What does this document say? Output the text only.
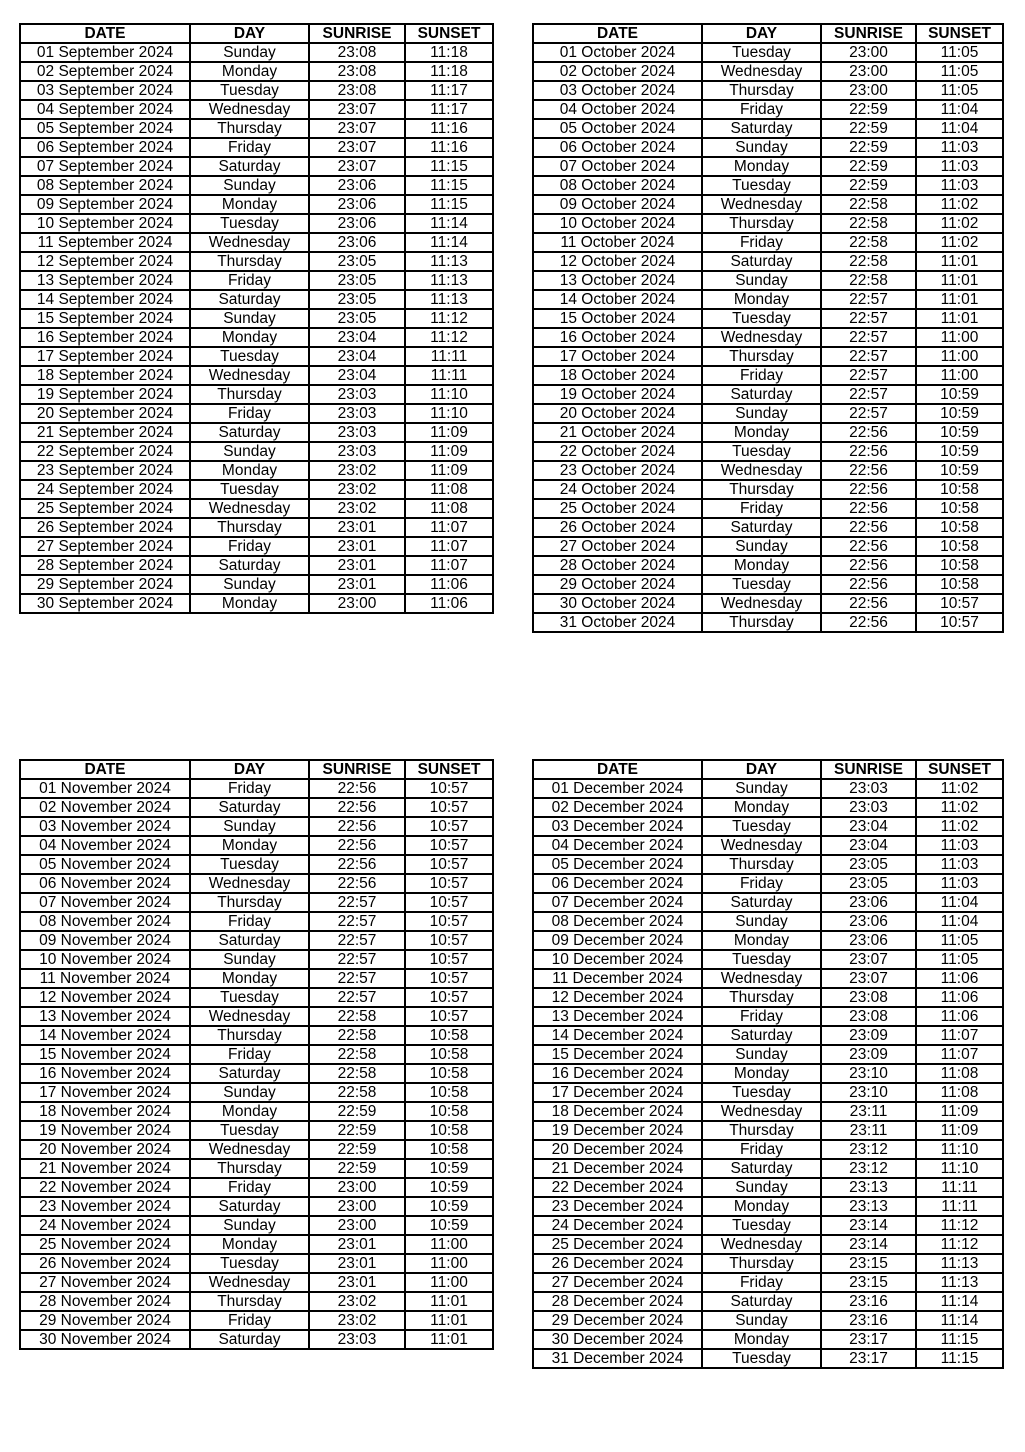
DATE	DAY	SUNRISE	SUNSET
01 September 2024	Sunday	23:08	11:18
02 September 2024	Monday	23:08	11:18
03 September 2024	Tuesday	23:08	11:17
04 September 2024	Wednesday	23:07	11:17
05 September 2024	Thursday	23:07	11:16
06 September 2024	Friday	23:07	11:16
07 September 2024	Saturday	23:07	11:15
08 September 2024	Sunday	23:06	11:15
09 September 2024	Monday	23:06	11:15
10 September 2024	Tuesday	23:06	11:14
11 September 2024	Wednesday	23:06	11:14
12 September 2024	Thursday	23:05	11:13
13 September 2024	Friday	23:05	11:13
14 September 2024	Saturday	23:05	11:13
15 September 2024	Sunday	23:05	11:12
16 September 2024	Monday	23:04	11:12
17 September 2024	Tuesday	23:04	11:11
18 September 2024	Wednesday	23:04	11:11
19 September 2024	Thursday	23:03	11:10
20 September 2024	Friday	23:03	11:10
21 September 2024	Saturday	23:03	11:09
22 September 2024	Sunday	23:03	11:09
23 September 2024	Monday	23:02	11:09
24 September 2024	Tuesday	23:02	11:08
25 September 2024	Wednesday	23:02	11:08
26 September 2024	Thursday	23:01	11:07
27 September 2024	Friday	23:01	11:07
28 September 2024	Saturday	23:01	11:07
29 September 2024	Sunday	23:01	11:06
30 September 2024	Monday	23:00	11:06
DATE	DAY	SUNRISE	SUNSET
01 October 2024	Tuesday	23:00	11:05
02 October 2024	Wednesday	23:00	11:05
03 October 2024	Thursday	23:00	11:05
04 October 2024	Friday	22:59	11:04
05 October 2024	Saturday	22:59	11:04
06 October 2024	Sunday	22:59	11:03
07 October 2024	Monday	22:59	11:03
08 October 2024	Tuesday	22:59	11:03
09 October 2024	Wednesday	22:58	11:02
10 October 2024	Thursday	22:58	11:02
11 October 2024	Friday	22:58	11:02
12 October 2024	Saturday	22:58	11:01
13 October 2024	Sunday	22:58	11:01
14 October 2024	Monday	22:57	11:01
15 October 2024	Tuesday	22:57	11:01
16 October 2024	Wednesday	22:57	11:00
17 October 2024	Thursday	22:57	11:00
18 October 2024	Friday	22:57	11:00
19 October 2024	Saturday	22:57	10:59
20 October 2024	Sunday	22:57	10:59
21 October 2024	Monday	22:56	10:59
22 October 2024	Tuesday	22:56	10:59
23 October 2024	Wednesday	22:56	10:59
24 October 2024	Thursday	22:56	10:58
25 October 2024	Friday	22:56	10:58
26 October 2024	Saturday	22:56	10:58
27 October 2024	Sunday	22:56	10:58
28 October 2024	Monday	22:56	10:58
29 October 2024	Tuesday	22:56	10:58
30 October 2024	Wednesday	22:56	10:57
31 October 2024	Thursday	22:56	10:57
DATE	DAY	SUNRISE	SUNSET
01 November 2024	Friday	22:56	10:57
02 November 2024	Saturday	22:56	10:57
03 November 2024	Sunday	22:56	10:57
04 November 2024	Monday	22:56	10:57
05 November 2024	Tuesday	22:56	10:57
06 November 2024	Wednesday	22:56	10:57
07 November 2024	Thursday	22:57	10:57
08 November 2024	Friday	22:57	10:57
09 November 2024	Saturday	22:57	10:57
10 November 2024	Sunday	22:57	10:57
11 November 2024	Monday	22:57	10:57
12 November 2024	Tuesday	22:57	10:57
13 November 2024	Wednesday	22:58	10:57
14 November 2024	Thursday	22:58	10:58
15 November 2024	Friday	22:58	10:58
16 November 2024	Saturday	22:58	10:58
17 November 2024	Sunday	22:58	10:58
18 November 2024	Monday	22:59	10:58
19 November 2024	Tuesday	22:59	10:58
20 November 2024	Wednesday	22:59	10:58
21 November 2024	Thursday	22:59	10:59
22 November 2024	Friday	23:00	10:59
23 November 2024	Saturday	23:00	10:59
24 November 2024	Sunday	23:00	10:59
25 November 2024	Monday	23:01	11:00
26 November 2024	Tuesday	23:01	11:00
27 November 2024	Wednesday	23:01	11:00
28 November 2024	Thursday	23:02	11:01
29 November 2024	Friday	23:02	11:01
30 November 2024	Saturday	23:03	11:01
DATE	DAY	SUNRISE	SUNSET
01 December 2024	Sunday	23:03	11:02
02 December 2024	Monday	23:03	11:02
03 December 2024	Tuesday	23:04	11:02
04 December 2024	Wednesday	23:04	11:03
05 December 2024	Thursday	23:05	11:03
06 December 2024	Friday	23:05	11:03
07 December 2024	Saturday	23:06	11:04
08 December 2024	Sunday	23:06	11:04
09 December 2024	Monday	23:06	11:05
10 December 2024	Tuesday	23:07	11:05
11 December 2024	Wednesday	23:07	11:06
12 December 2024	Thursday	23:08	11:06
13 December 2024	Friday	23:08	11:06
14 December 2024	Saturday	23:09	11:07
15 December 2024	Sunday	23:09	11:07
16 December 2024	Monday	23:10	11:08
17 December 2024	Tuesday	23:10	11:08
18 December 2024	Wednesday	23:11	11:09
19 December 2024	Thursday	23:11	11:09
20 December 2024	Friday	23:12	11:10
21 December 2024	Saturday	23:12	11:10
22 December 2024	Sunday	23:13	11:11
23 December 2024	Monday	23:13	11:11
24 December 2024	Tuesday	23:14	11:12
25 December 2024	Wednesday	23:14	11:12
26 December 2024	Thursday	23:15	11:13
27 December 2024	Friday	23:15	11:13
28 December 2024	Saturday	23:16	11:14
29 December 2024	Sunday	23:16	11:14
30 December 2024	Monday	23:17	11:15
31 December 2024	Tuesday	23:17	11:15
